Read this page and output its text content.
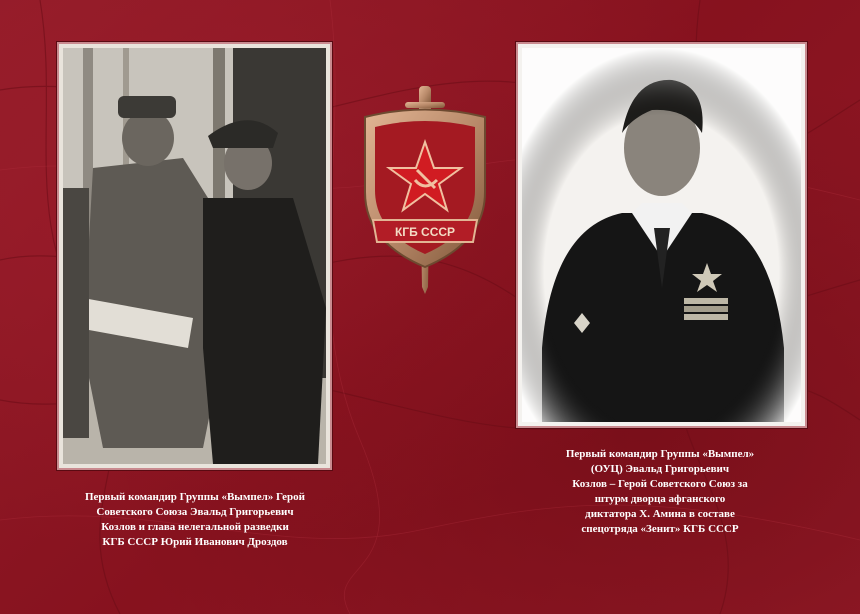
КГБ СССР
Первый командир Группы «Вымпел» Герой
Советского Союза Эвальд Григорьевич
Козлов и глава нелегальной разведки
КГБ СССР Юрий Иванович Дроздов
Первый командир Группы «Вымпел»
(ОУЦ) Эвальд Григорьевич
Козлов – Герой Советского Союз за
штурм дворца афганского
диктатора Х. Амина в составе
спецотряда «Зенит» КГБ СССР
